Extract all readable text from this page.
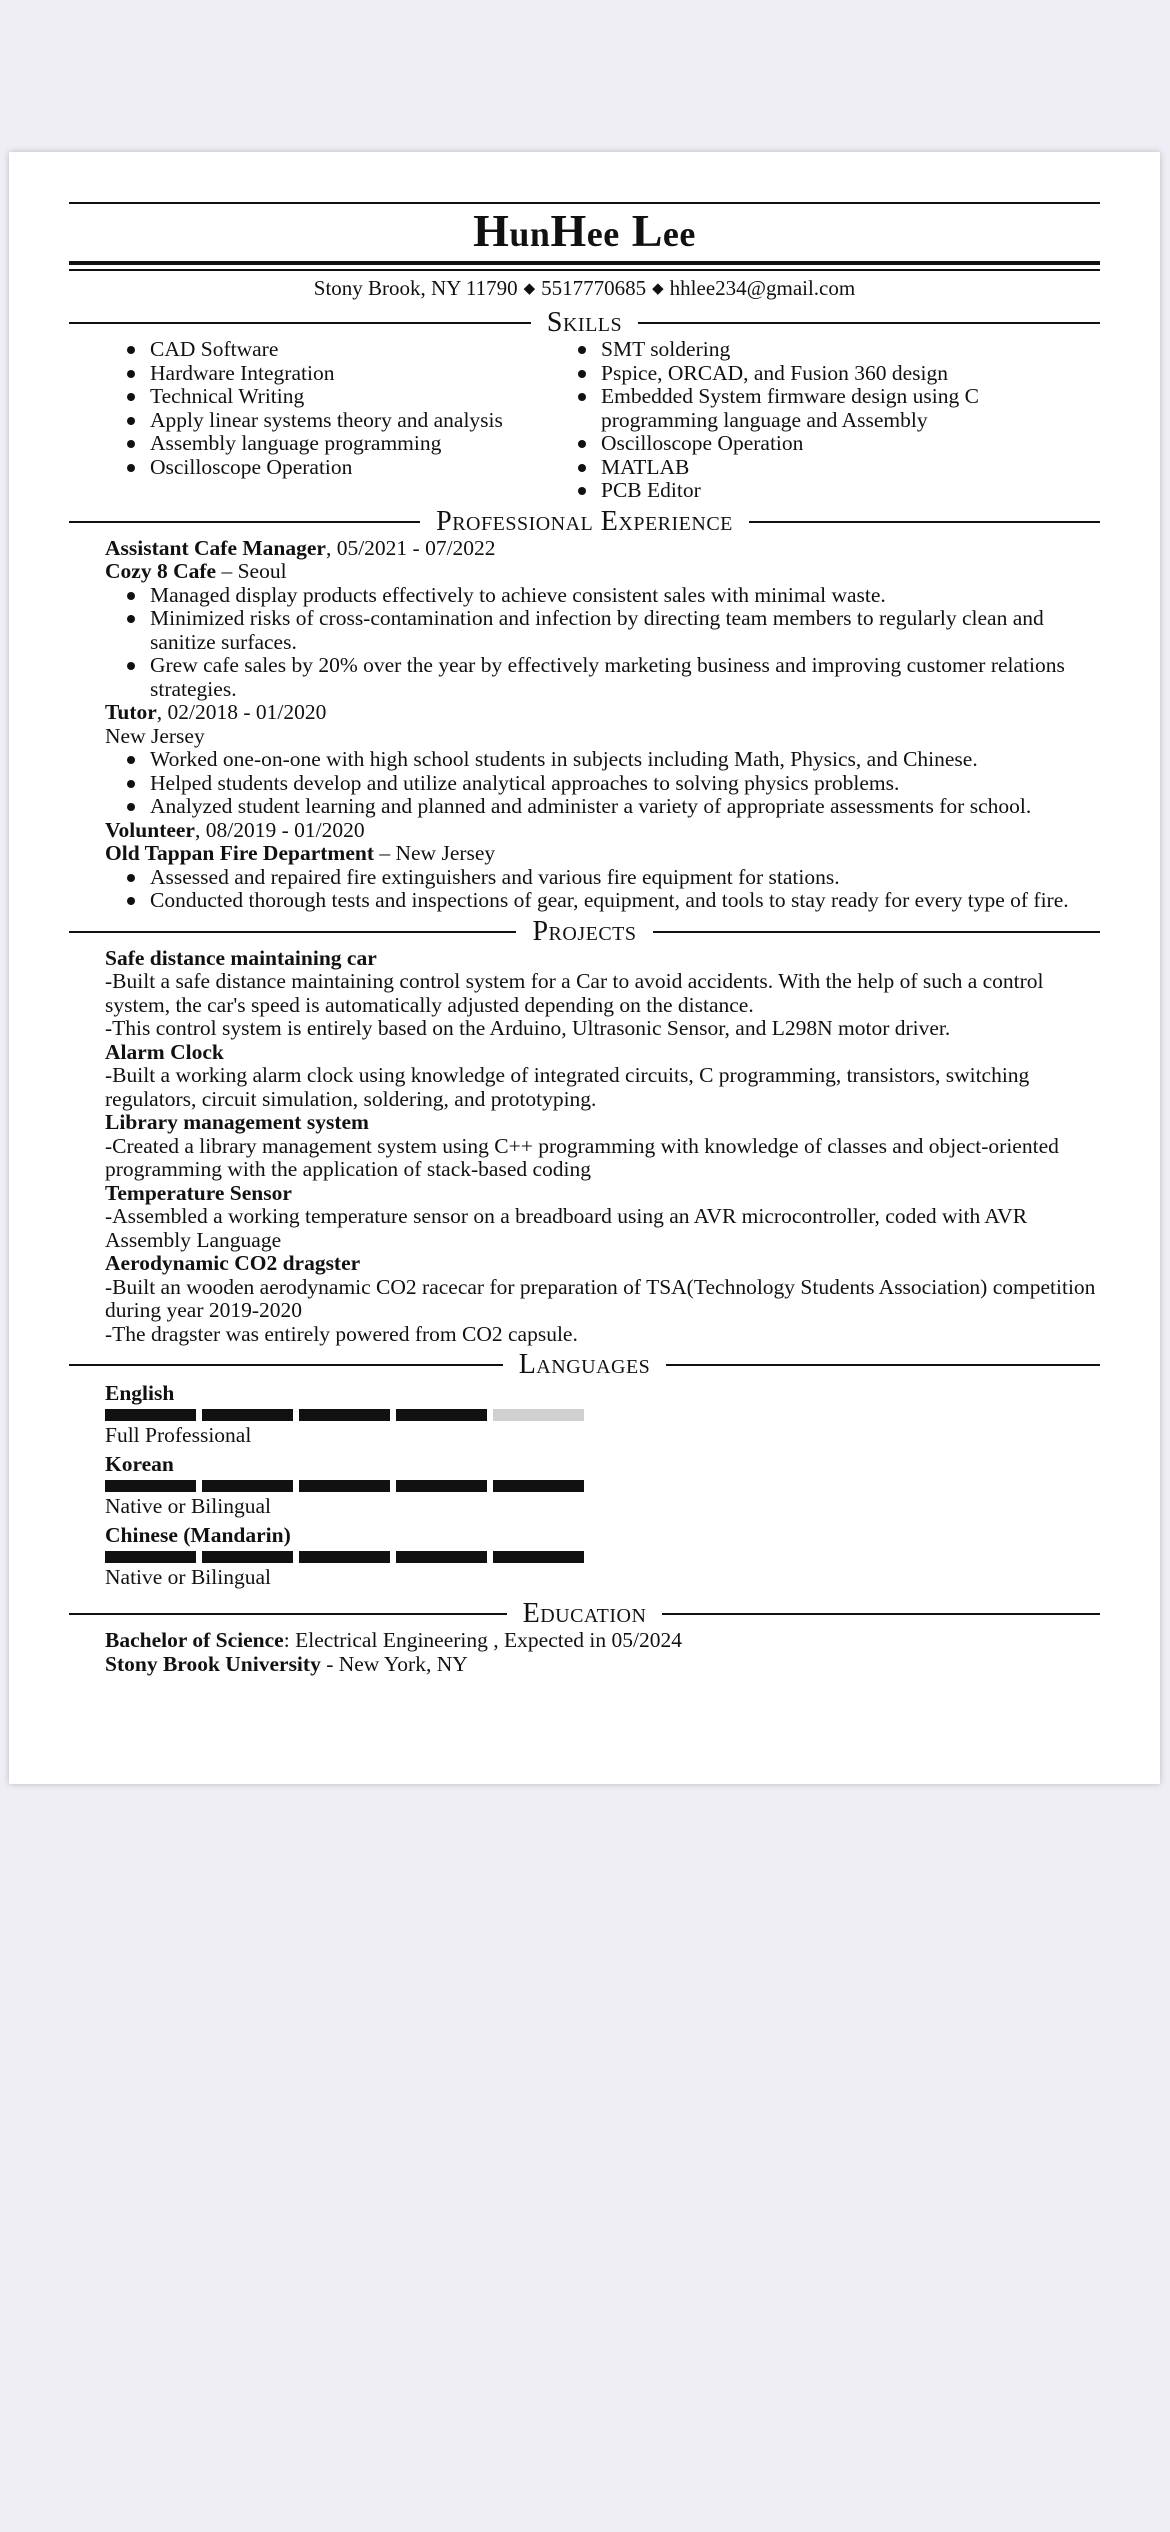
HunHee Lee
Stony Brook, NY 11790 ◆ 5517770685 ◆ hhlee234@gmail.com
Skills
CAD Software
Hardware Integration
Technical Writing
Apply linear systems theory and analysis
Assembly language programming
Oscilloscope Operation
SMT soldering
Pspice, ORCAD, and Fusion 360 design
Embedded System firmware design using C programming language and Assembly
Oscilloscope Operation
MATLAB
PCB Editor
Professional Experience
Assistant Cafe Manager, 05/2021 - 07/2022
Cozy 8 Cafe – Seoul
Managed display products effectively to achieve consistent sales with minimal waste.
Minimized risks of cross-contamination and infection by directing team members to regularly clean and sanitize surfaces.
Grew cafe sales by 20% over the year by effectively marketing business and improving customer relations strategies.
Tutor, 02/2018 - 01/2020
New Jersey
Worked one-on-one with high school students in subjects including Math, Physics, and Chinese.
Helped students develop and utilize analytical approaches to solving physics problems.
Analyzed student learning and planned and administer a variety of appropriate assessments for school.
Volunteer, 08/2019 - 01/2020
Old Tappan Fire Department – New Jersey
Assessed and repaired fire extinguishers and various fire equipment for stations.
Conducted thorough tests and inspections of gear, equipment, and tools to stay ready for every type of fire.
Projects
Safe distance maintaining car
-Built a safe distance maintaining control system for a Car to avoid accidents. With the help of such a control system, the car's speed is automatically adjusted depending on the distance.
-This control system is entirely based on the Arduino, Ultrasonic Sensor, and L298N motor driver.
Alarm Clock
-Built a working alarm clock using knowledge of integrated circuits, C programming, transistors, switching regulators, circuit simulation, soldering, and prototyping.
Library management system
-Created a library management system using C++ programming with knowledge of classes and object-oriented programming with the application of stack-based coding
Temperature Sensor
-Assembled a working temperature sensor on a breadboard using an AVR microcontroller, coded with AVR Assembly Language
Aerodynamic CO2 dragster
-Built an wooden aerodynamic CO2 racecar for preparation of TSA(Technology Students Association) competition during year 2019-2020
-The dragster was entirely powered from CO2 capsule.
Languages
English
Full Professional
Korean
Native or Bilingual
Chinese (Mandarin)
Native or Bilingual
Education
Bachelor of Science: Electrical Engineering , Expected in 05/2024
Stony Brook University - New York, NY
